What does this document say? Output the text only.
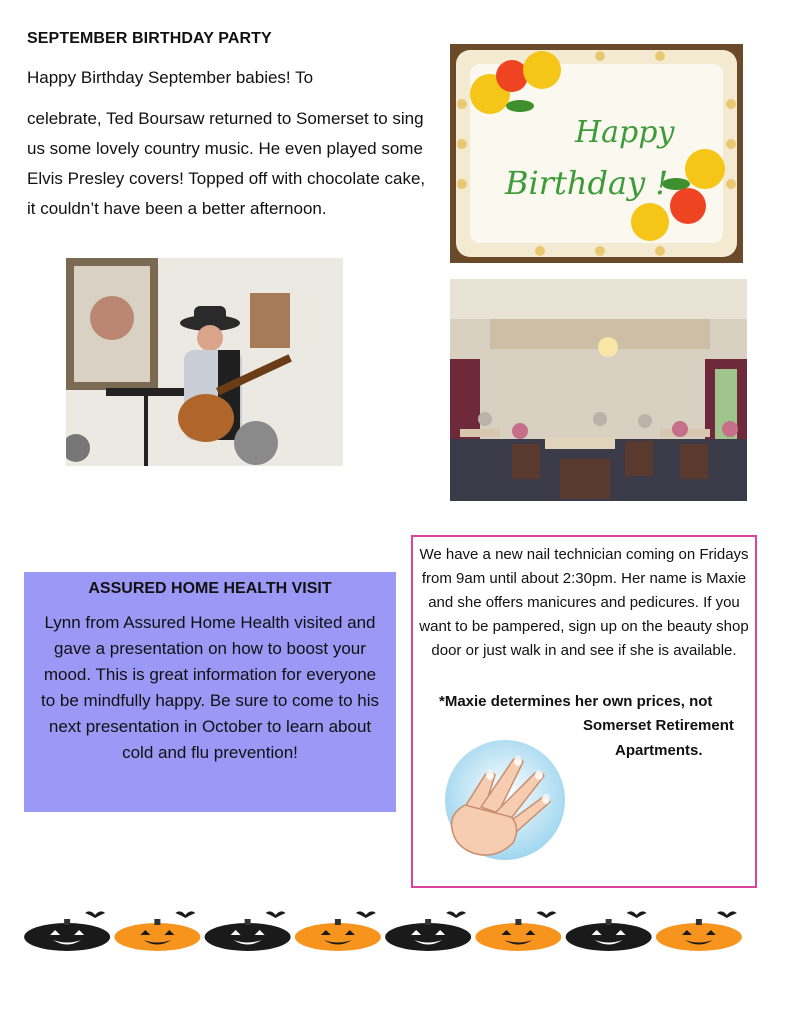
SEPTEMBER BIRTHDAY PARTY
Happy Birthday September babies! To
celebrate, Ted Boursaw returned to Somerset to sing us some lovely country music. He even played some Elvis Presley covers! Topped off with chocolate cake, it couldn’t have been a better afternoon.
Happy
Birthday !
ASSURED HOME HEALTH VISIT
Lynn from Assured Home Health visited and gave a presentation on how to boost your mood. This is great information for everyone to be mindfully happy. Be sure to come to his next presentation in October to learn about cold and flu prevention!
We have a new nail technician coming on Fridays from 9am until about 2:30pm. Her name is Maxie and she offers manicures and pedicures. If you want to be pampered, sign up on the beauty shop door or just walk in and see if she is available.
*Maxie determines her own prices, not
Somerset Retirement
Apartments.
